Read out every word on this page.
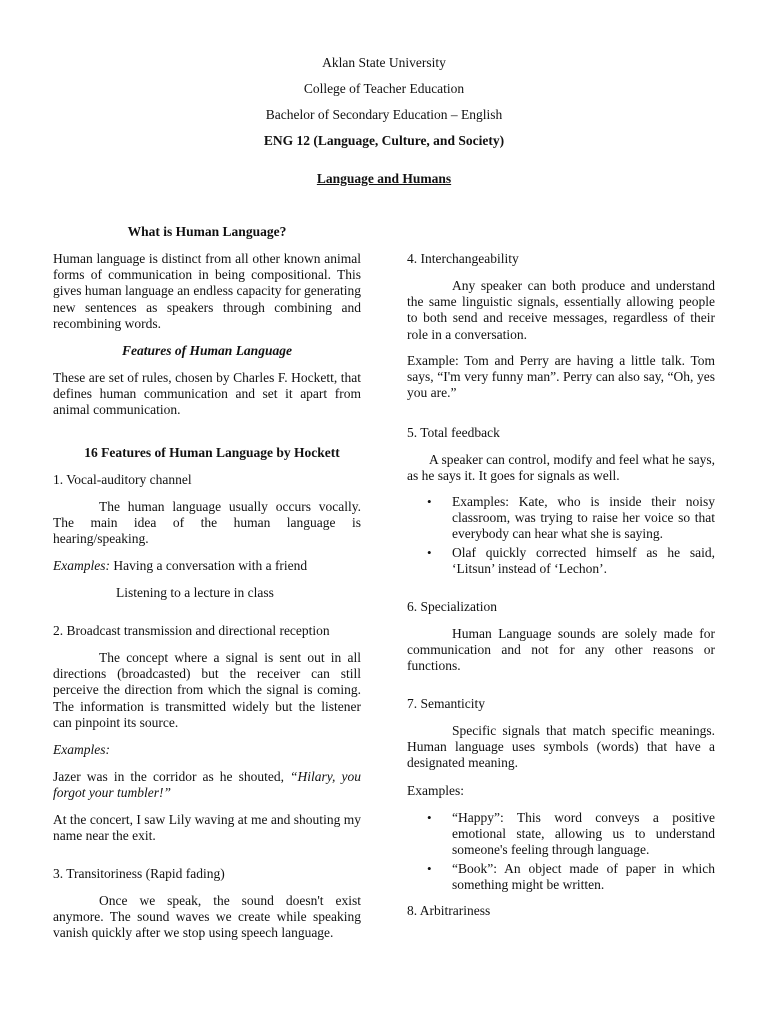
Aklan State University
College of Teacher Education
Bachelor of Secondary Education – English
ENG 12 (Language, Culture, and Society)
Language and Humans
What is Human Language?

Human language is distinct from all other known animal forms of communication in being compositional. This gives human language an endless capacity for generating new sentences as speakers through combining and recombining words.

Features of Human Language

These are set of rules, chosen by Charles F. Hockett, that defines human communication and set it apart from animal communication.

16 Features of Human Language by Hockett
1. Vocal-auditory channel

The human language usually occurs vocally. The main idea of the human language is hearing/speaking.

Examples: Having a conversation with a friend
Listening to a lecture in class
2. Broadcast transmission and directional reception

The concept where a signal is sent out in all directions (broadcasted) but the receiver can still perceive the direction from which the signal is coming. The information is transmitted widely but the listener can pinpoint its source.

Examples:

Jazer was in the corridor as he shouted, “Hilary, you forgot your tumbler!”

At the concert, I saw Lily waving at me and shouting my name near the exit.

3. Transitoriness (Rapid fading)

Once we speak, the sound doesn't exist anymore. The sound waves we create while speaking vanish quickly after we stop using speech language.

4. Interchangeability

Any speaker can both produce and understand the same linguistic signals, essentially allowing people to both send and receive messages, regardless of their role in a conversation.

Example: Tom and Perry are having a little talk. Tom says, “I'm very funny man”. Perry can also say, “Oh, yes you are.”

5. Total feedback

A speaker can control, modify and feel what he says, as he says it. It goes for signals as well.

• Examples: Kate, who is inside their noisy classroom, was trying to raise her voice so that everybody can hear what she is saying.
• Olaf quickly corrected himself as he said, ‘Litsun’ instead of ‘Lechon’.
6. Specialization

Human Language sounds are solely made for communication and not for any other reasons or functions.

7. Semanticity

Specific signals that match specific meanings. Human language uses symbols (words) that have a designated meaning.

Examples:
• “Happy”: This word conveys a positive emotional state, allowing us to understand someone's feeling through language.
• “Book”: An object made of paper in which something might be written.
8. Arbitrariness
